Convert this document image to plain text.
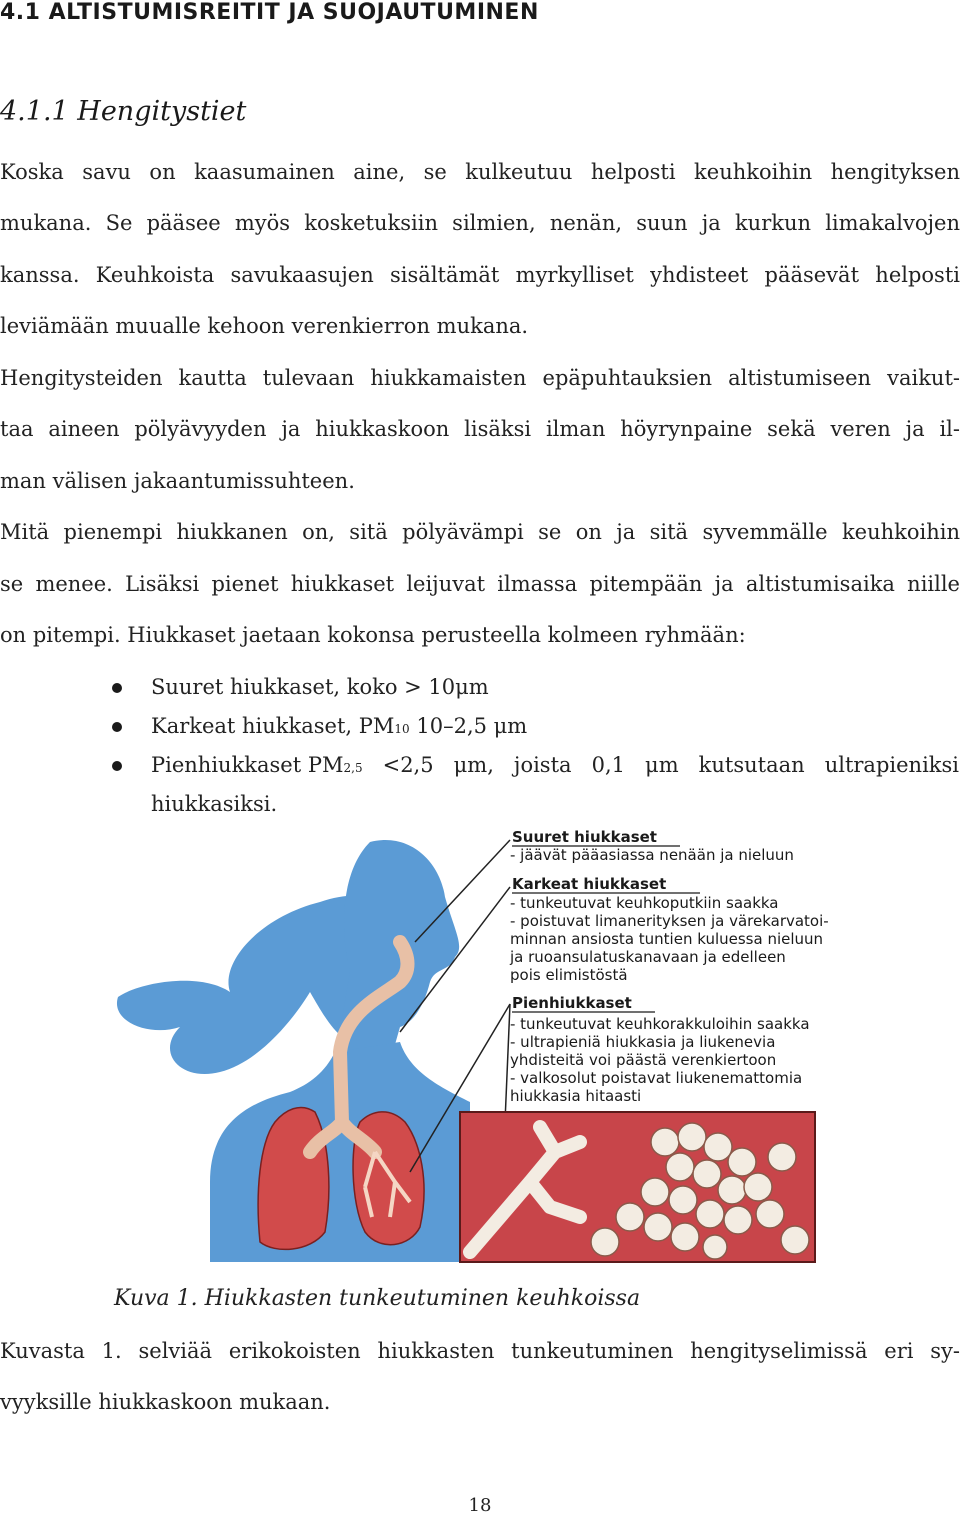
4.1 ALTISTUMISREITIT JA SUOJAUTUMINEN
4.1.1 Hengitystiet
Koska savu on kaasumainen aine, se kulkeutuu helposti keuhkoihin hengityksen
mukana. Se pääsee myös kosketuksiin silmien, nenän, suun ja kurkun limakalvojen
kanssa. Keuhkoista savukaasujen sisältämät myrkylliset yhdisteet pääsevät helposti
leviämään muualle kehoon verenkierron mukana.
Hengitysteiden kautta tulevaan hiukkamaisten epäpuhtauksien altistumiseen vaikut-
taa aineen pölyävyyden ja hiukkaskoon lisäksi ilman höyrynpaine sekä veren ja il-
man välisen jakaantumissuhteen.
Mitä pienempi hiukkanen on, sitä pölyävämpi se on ja sitä syvemmälle keuhkoihin
se menee. Lisäksi pienet hiukkaset leijuvat ilmassa pitempään ja altistumisaika niille
on pitempi. Hiukkaset jaetaan kokonsa perusteella kolmeen ryhmään:
Suuret hiukkaset, koko > 10μm
Karkeat hiukkaset, PM10 10–2,5 μm
Pienhiukkaset PM 2,5 <2,5 μm, joista 0,1 μm kutsutaan ultrapieniksi
hiukkasiksi.
Suuret hiukkaset
- jäävät pääasiassa nenään ja nieluun
Karkeat hiukkaset
- tunkeutuvat keuhkoputkiin saakka
- poistuvat limanerityksen ja värekarvatoi-
minnan ansiosta tuntien kuluessa nieluun
ja ruoansulatuskanavaan ja edelleen
pois elimistöstä
Pienhiukkaset
- tunkeutuvat keuhkorakkuloihin saakka
- ultrapieniä hiukkasia ja liukenevia
yhdisteitä voi päästä verenkiertoon
- valkosolut poistavat liukenemattomia
hiukkasia hitaasti
Kuva 1. Hiukkasten tunkeutuminen keuhkoissa
Kuvasta 1. selviää erikokoisten hiukkasten tunkeutuminen hengityselimissä eri sy-
vyyksille hiukkaskoon mukaan.
18
